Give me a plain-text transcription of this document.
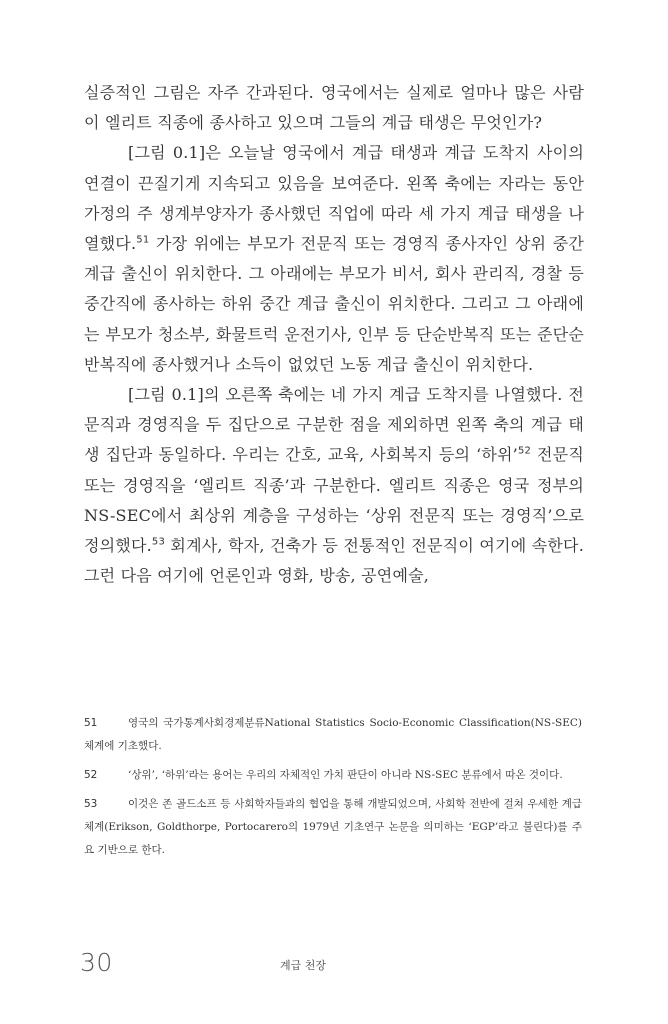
실증적인 그림은 자주 간과된다. 영국에서는 실제로 얼마나 많은 사람이 엘리트 직종에 종사하고 있으며 그들의 계급 태생은 무엇인가?

[그림 0.1]은 오늘날 영국에서 계급 태생과 계급 도착지 사이의 연결이 끈질기게 지속되고 있음을 보여준다. 왼쪽 축에는 자라는 동안 가정의 주 생계부양자가 종사했던 직업에 따라 세 가지 계급 태생을 나열했다.$^{51}$ 가장 위에는 부모가 전문직 또는 경영직 종사자인 상위 중간 계급 출신이 위치한다. 그 아래에는 부모가 비서, 회사 관리직, 경찰 등 중간직에 종사하는 하위 중간 계급 출신이 위치한다. 그리고 그 아래에는 부모가 청소부, 화물트럭 운전기사, 인부 등 단순반복직 또는 준단순반복직에 종사했거나 소득이 없었던 노동 계급 출신이 위치한다.

[그림 0.1]의 오른쪽 축에는 네 가지 계급 도착지를 나열했다. 전문직과 경영직을 두 집단으로 구분한 점을 제외하면 왼쪽 축의 계급 태생 집단과 동일하다. 우리는 간호, 교육, 사회복지 등의 ‘하위’$^{52}$ 전문직 또는 경영직을 ‘엘리트 직종’과 구분한다. 엘리트 직종은 영국 정부의 NS-SEC에서 최상위 계층을 구성하는 ‘상위 전문직 또는 경영직’으로 정의했다.$^{53}$ 회계사, 학자, 건축가 등 전통적인 전문직이 여기에 속한다. 그런 다음 여기에 언론인과 영화, 방송, 공연예술,

51	영국의 국가통계사회경제분류National Statistics Socio-Economic Classification(NS-SEC) 체계에 기초했다.

52	‘상위’, ‘하위’라는 용어는 우리의 자체적인 가치 판단이 아니라 NS-SEC 분류에서 따온 것이다.

53	이것은 존 골드소프 등 사회학자들과의 협업을 통해 개발되었으며, 사회학 전반에 걸쳐 우세한 계급 체계(Erikson, Goldthorpe, Portocarero의 1979년 기초연구 논문을 의미하는 ‘EGP’라고 불린다)를 주요 기반으로 한다.

30	계급 천장
